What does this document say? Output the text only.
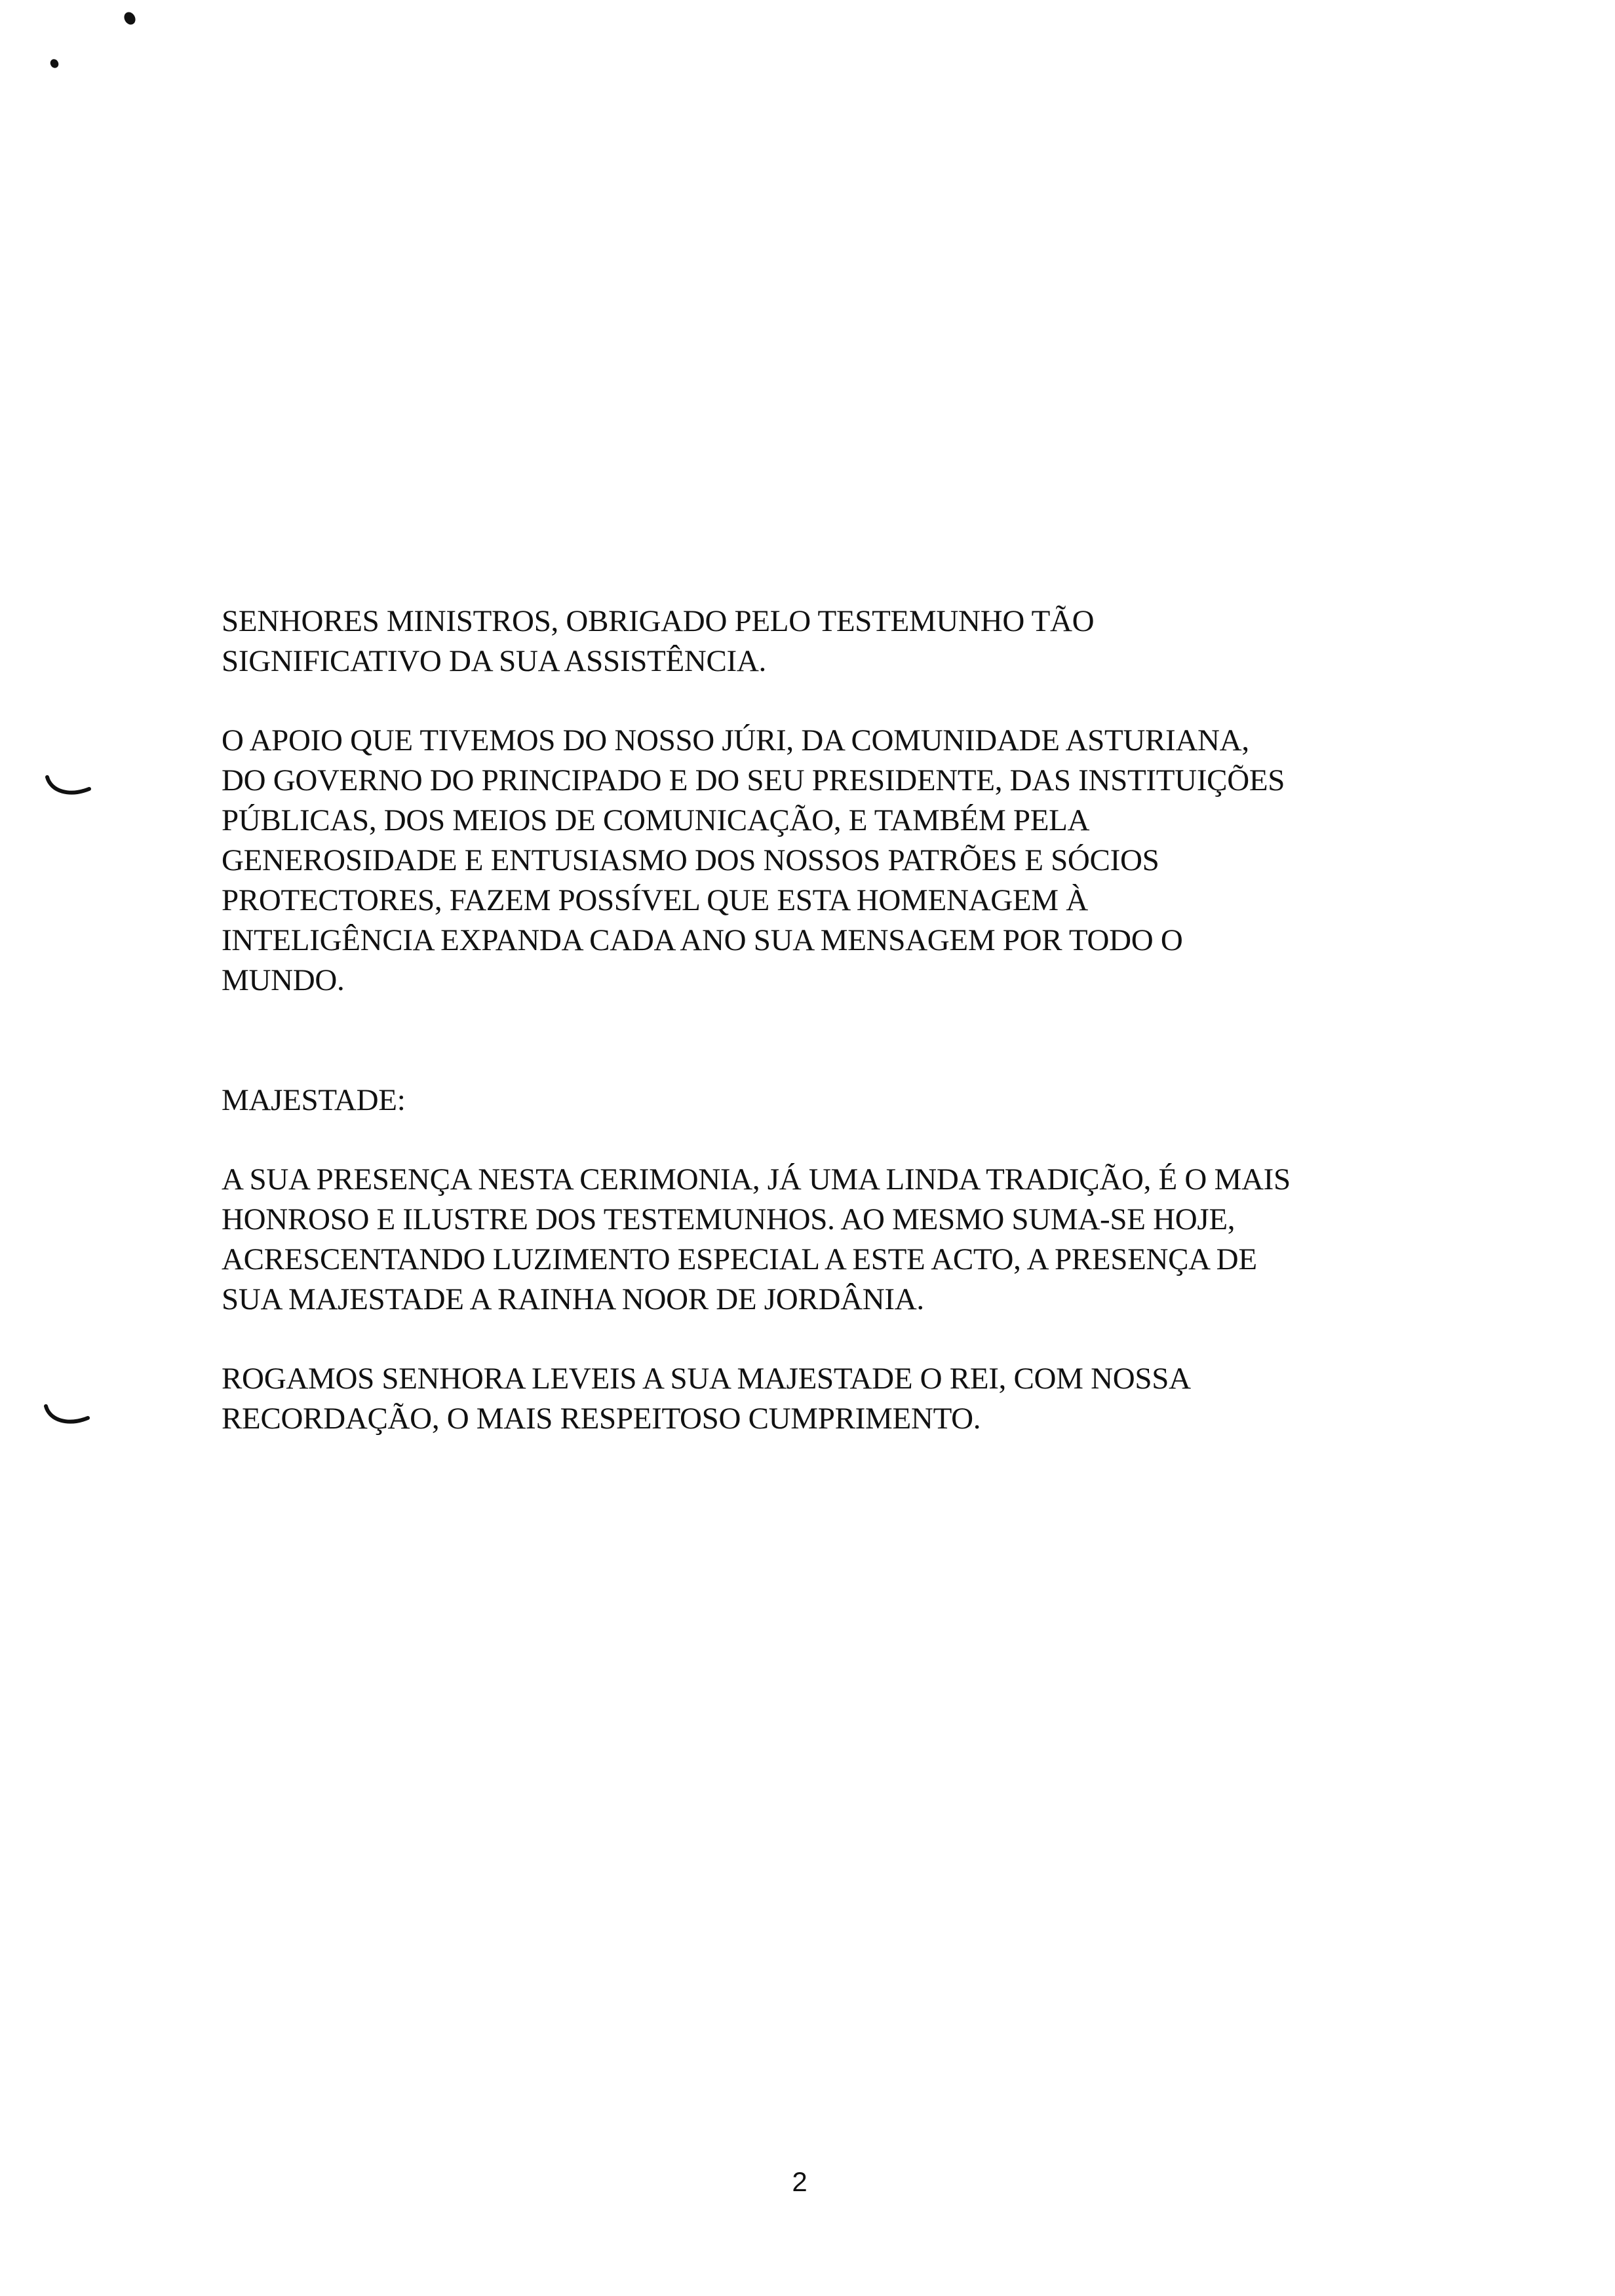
SENHORES MINISTROS, OBRIGADO PELO TESTEMUNHO TÃO
SIGNIFICATIVO DA SUA ASSISTÊNCIA.

O APOIO QUE TIVEMOS DO NOSSO JÚRI, DA COMUNIDADE ASTURIANA,
DO GOVERNO DO PRINCIPADO E DO SEU PRESIDENTE, DAS INSTITUIÇÕES
PÚBLICAS, DOS MEIOS DE COMUNICAÇÃO, E TAMBÉM PELA
GENEROSIDADE E ENTUSIASMO DOS NOSSOS PATRÕES E SÓCIOS
PROTECTORES, FAZEM POSSÍVEL QUE ESTA HOMENAGEM À
INTELIGÊNCIA EXPANDA CADA ANO SUA MENSAGEM POR TODO O
MUNDO.

MAJESTADE:

A SUA PRESENÇA NESTA CERIMONIA, JÁ UMA LINDA TRADIÇÃO, É O MAIS
HONROSO E ILUSTRE DOS TESTEMUNHOS. AO MESMO SUMA-SE HOJE,
ACRESCENTANDO LUZIMENTO ESPECIAL A ESTE ACTO, A PRESENÇA DE
SUA MAJESTADE A RAINHA NOOR DE JORDÂNIA.

ROGAMOS SENHORA LEVEIS A SUA MAJESTADE O REI, COM NOSSA
RECORDAÇÃO, O MAIS RESPEITOSO CUMPRIMENTO.

2
